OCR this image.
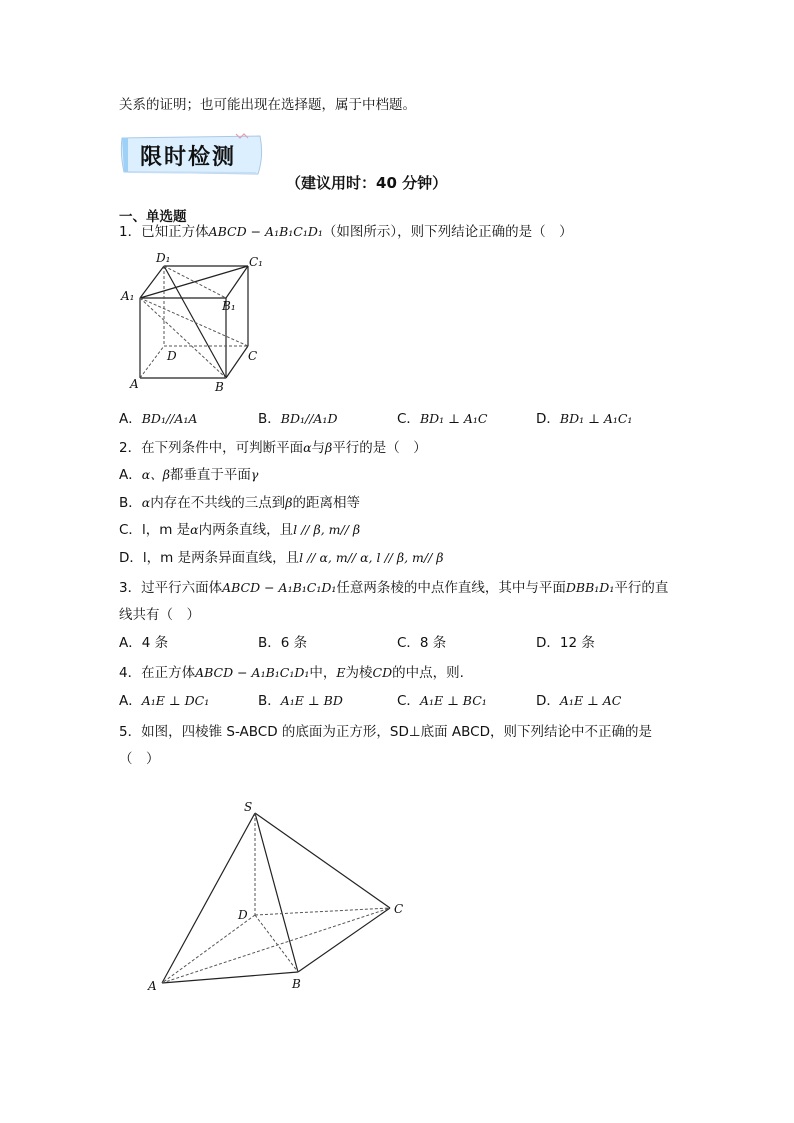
关系的证明；也可能出现在选择题，属于中档题。
限时检测
（建议用时：40 分钟）
一、单选题
1．已知正方体ABCD − A₁B₁C₁D₁（如图所示），则下列结论正确的是（　）
D₁	C₁
A₁
B₁
D	C
A	B
A．BD₁//A₁A	B．BD₁//A₁D	C．BD₁ ⊥ A₁C	D．BD₁ ⊥ A₁C₁
2．在下列条件中，可判断平面α与β平行的是（　）
A．α、β都垂直于平面γ
B．α内存在不共线的三点到β的距离相等
C．l，m 是α内两条直线，且l // β, m// β
D．l，m 是两条异面直线，且l // α, m// α, l // β, m// β
3．过平行六面体ABCD − A₁B₁C₁D₁任意两条棱的中点作直线，其中与平面DBB₁D₁平行的直
线共有（　）
A．4 条	B．6 条	C．8 条	D．12 条
4．在正方体ABCD − A₁B₁C₁D₁中，E为棱CD的中点，则.
A．A₁E ⊥ DC₁	B．A₁E ⊥ BD	C．A₁E ⊥ BC₁	D．A₁E ⊥ AC
5．如图，四棱锥 S-ABCD 的底面为正方形，SD⊥底面 ABCD，则下列结论中不正确的是
（　）
S
D	C
A	B
